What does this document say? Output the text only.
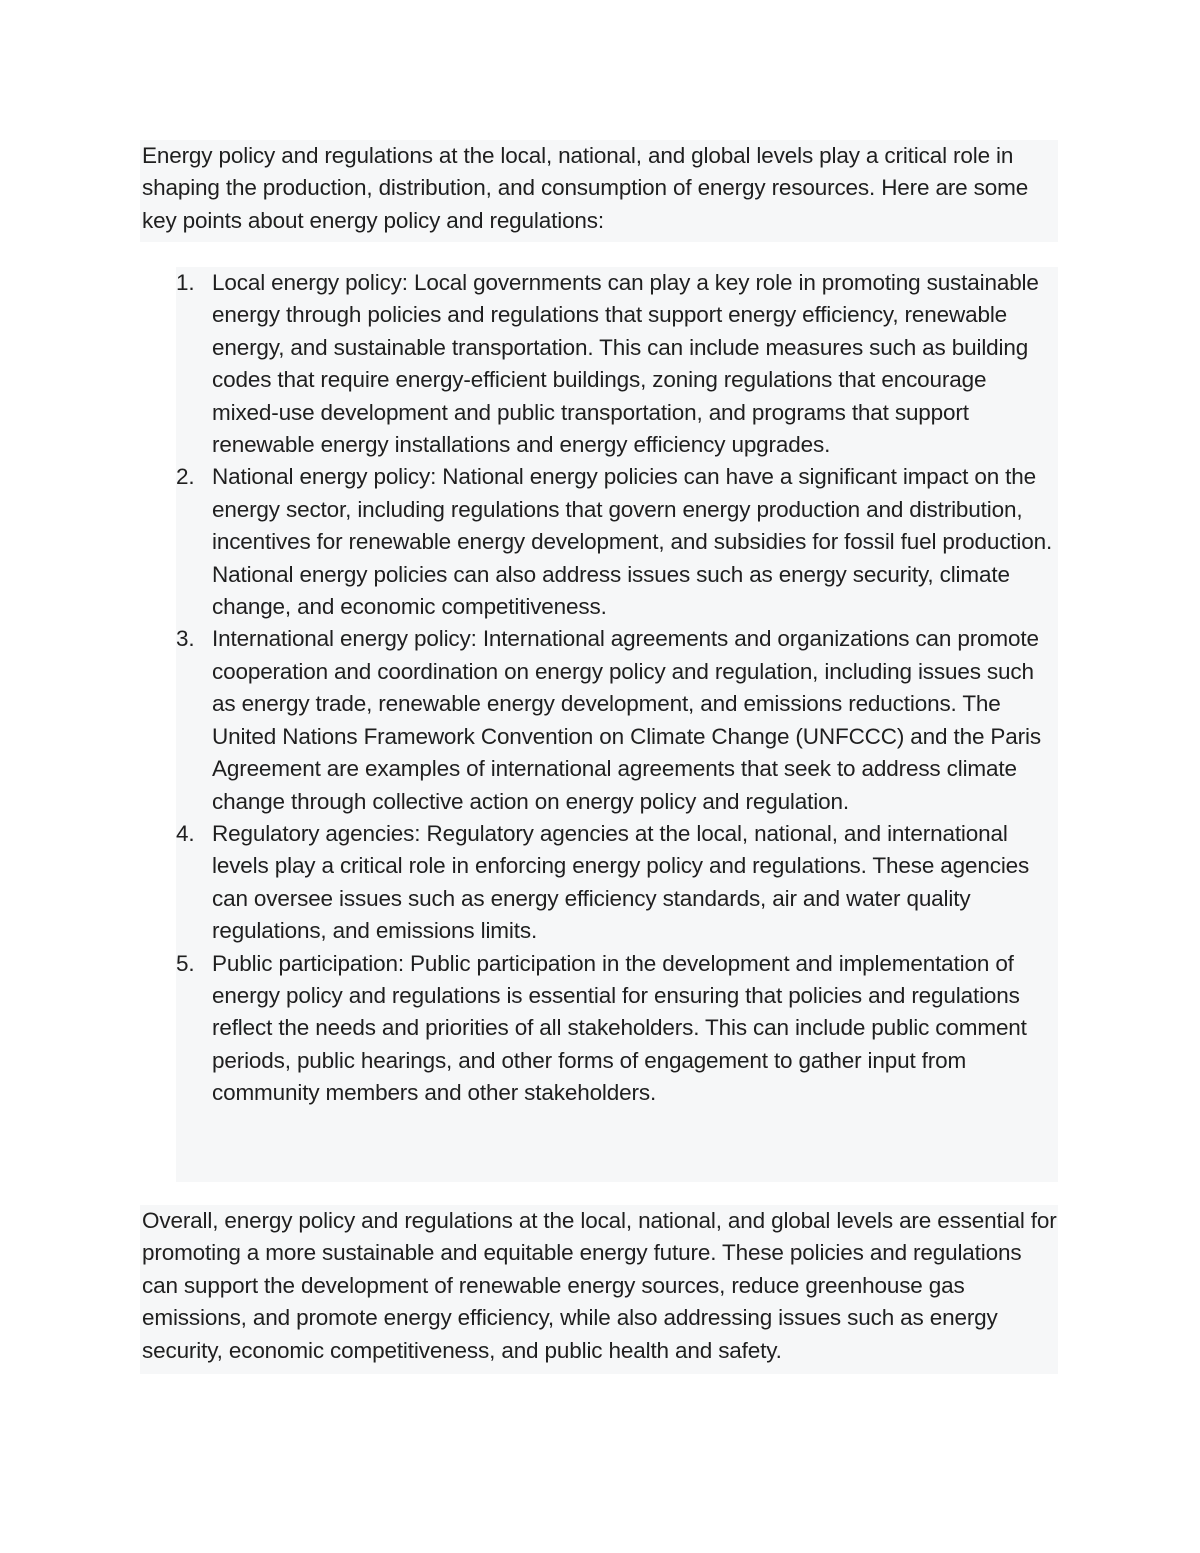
Energy policy and regulations at the local, national, and global levels play a critical role in shaping the production, distribution, and consumption of energy resources. Here are some key points about energy policy and regulations:

1. Local energy policy: Local governments can play a key role in promoting sustainable energy through policies and regulations that support energy efficiency, renewable energy, and sustainable transportation. This can include measures such as building codes that require energy-efficient buildings, zoning regulations that encourage mixed-use development and public transportation, and programs that support renewable energy installations and energy efficiency upgrades.
2. National energy policy: National energy policies can have a significant impact on the energy sector, including regulations that govern energy production and distribution, incentives for renewable energy development, and subsidies for fossil fuel production. National energy policies can also address issues such as energy security, climate change, and economic competitiveness.
3. International energy policy: International agreements and organizations can promote cooperation and coordination on energy policy and regulation, including issues such as energy trade, renewable energy development, and emissions reductions. The United Nations Framework Convention on Climate Change (UNFCCC) and the Paris Agreement are examples of international agreements that seek to address climate change through collective action on energy policy and regulation.
4. Regulatory agencies: Regulatory agencies at the local, national, and international levels play a critical role in enforcing energy policy and regulations. These agencies can oversee issues such as energy efficiency standards, air and water quality regulations, and emissions limits.
5. Public participation: Public participation in the development and implementation of energy policy and regulations is essential for ensuring that policies and regulations reflect the needs and priorities of all stakeholders. This can include public comment periods, public hearings, and other forms of engagement to gather input from community members and other stakeholders.

Overall, energy policy and regulations at the local, national, and global levels are essential for promoting a more sustainable and equitable energy future. These policies and regulations can support the development of renewable energy sources, reduce greenhouse gas emissions, and promote energy efficiency, while also addressing issues such as energy security, economic competitiveness, and public health and safety.
